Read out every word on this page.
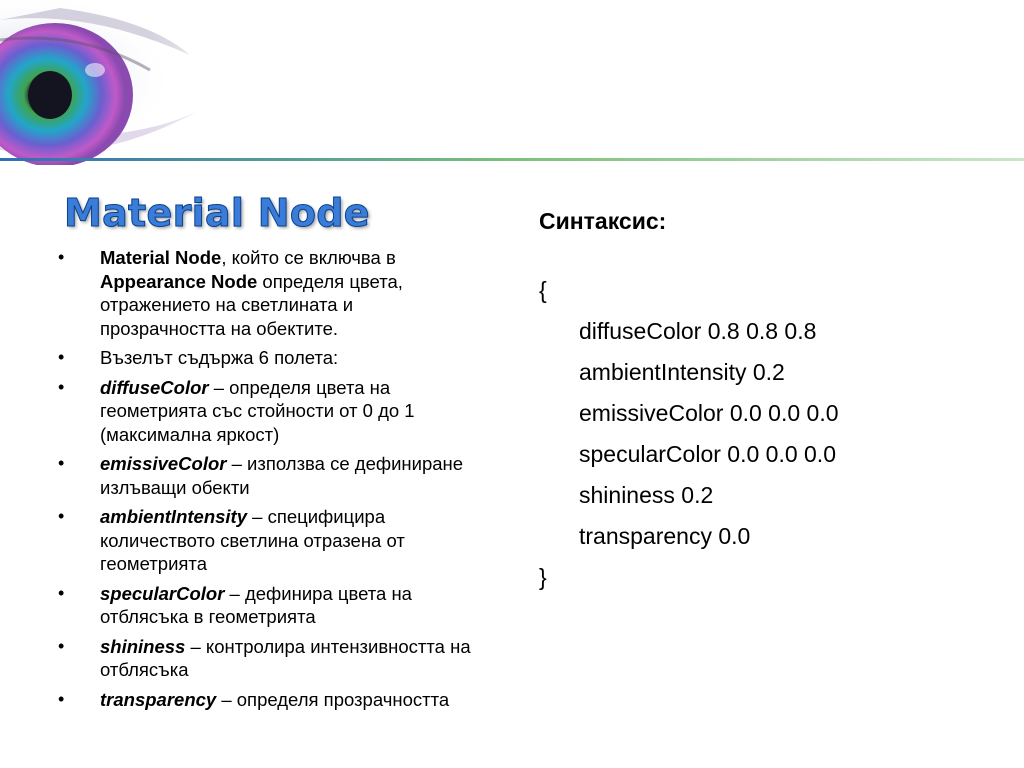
Material Node
• Material Node, който се включва в Appearance Node определя цвета, отражението на светлината и прозрачността на обектите.
• Възелът съдържа 6 полета:
• diffuseColor – определя цвета на геометрията със стойности от 0 до 1 (максимална яркост)
• emissiveColor – използва се дефиниране излъващи обекти
• ambientIntensity – специфицира количеството светлина отразена от геометрията
• specularColor – дефинира цвета на отблясъка в геометрията
• shininess – контролира интензивността на отблясъка
• transparency – определя прозрачността
Синтаксис:
{
diffuseColor 0.8 0.8 0.8
ambientIntensity 0.2
emissiveColor 0.0 0.0 0.0
specularColor 0.0 0.0 0.0
shininess 0.2
transparency 0.0
}
